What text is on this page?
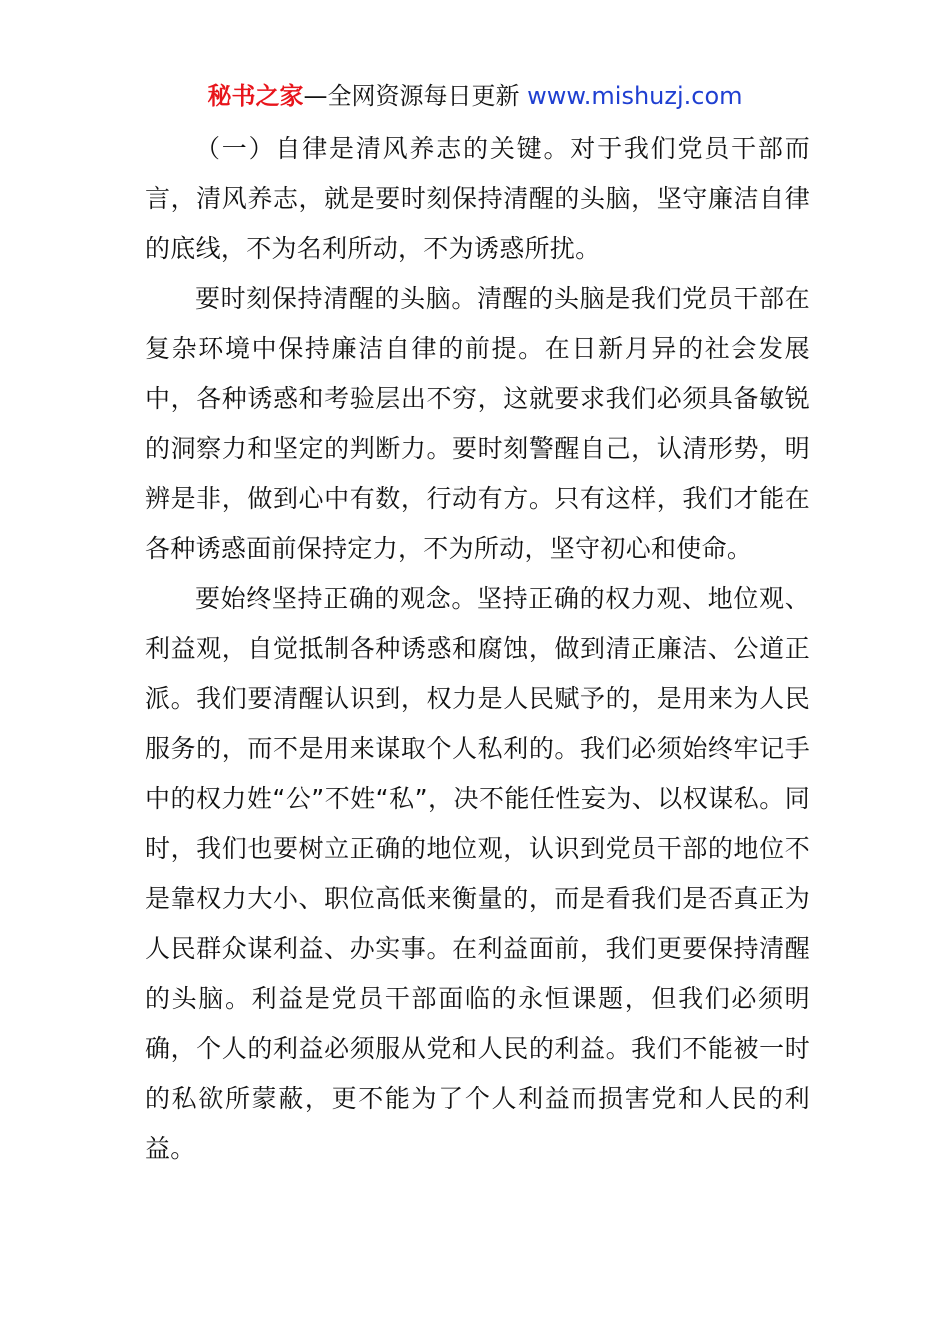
秘书之家—全网资源每日更新 www.mishuzj.com

（一）自律是清风养志的关键。对于我们党员干部而言，清风养志，就是要时刻保持清醒的头脑，坚守廉洁自律的底线，不为名利所动，不为诱惑所扰。

要时刻保持清醒的头脑。清醒的头脑是我们党员干部在复杂环境中保持廉洁自律的前提。在日新月异的社会发展中，各种诱惑和考验层出不穷，这就要求我们必须具备敏锐的洞察力和坚定的判断力。要时刻警醒自己，认清形势，明辨是非，做到心中有数，行动有方。只有这样，我们才能在各种诱惑面前保持定力，不为所动，坚守初心和使命。

要始终坚持正确的观念。坚持正确的权力观、地位观、利益观，自觉抵制各种诱惑和腐蚀，做到清正廉洁、公道正派。我们要清醒认识到，权力是人民赋予的，是用来为人民服务的，而不是用来谋取个人私利的。我们必须始终牢记手中的权力姓“公”不姓“私”，决不能任性妄为、以权谋私。同时，我们也要树立正确的地位观，认识到党员干部的地位不是靠权力大小、职位高低来衡量的，而是看我们是否真正为人民群众谋利益、办实事。在利益面前，我们更要保持清醒的头脑。利益是党员干部面临的永恒课题，但我们必须明确，个人的利益必须服从党和人民的利益。我们不能被一时的私欲所蒙蔽，更不能为了个人利益而损害党和人民的利益。
